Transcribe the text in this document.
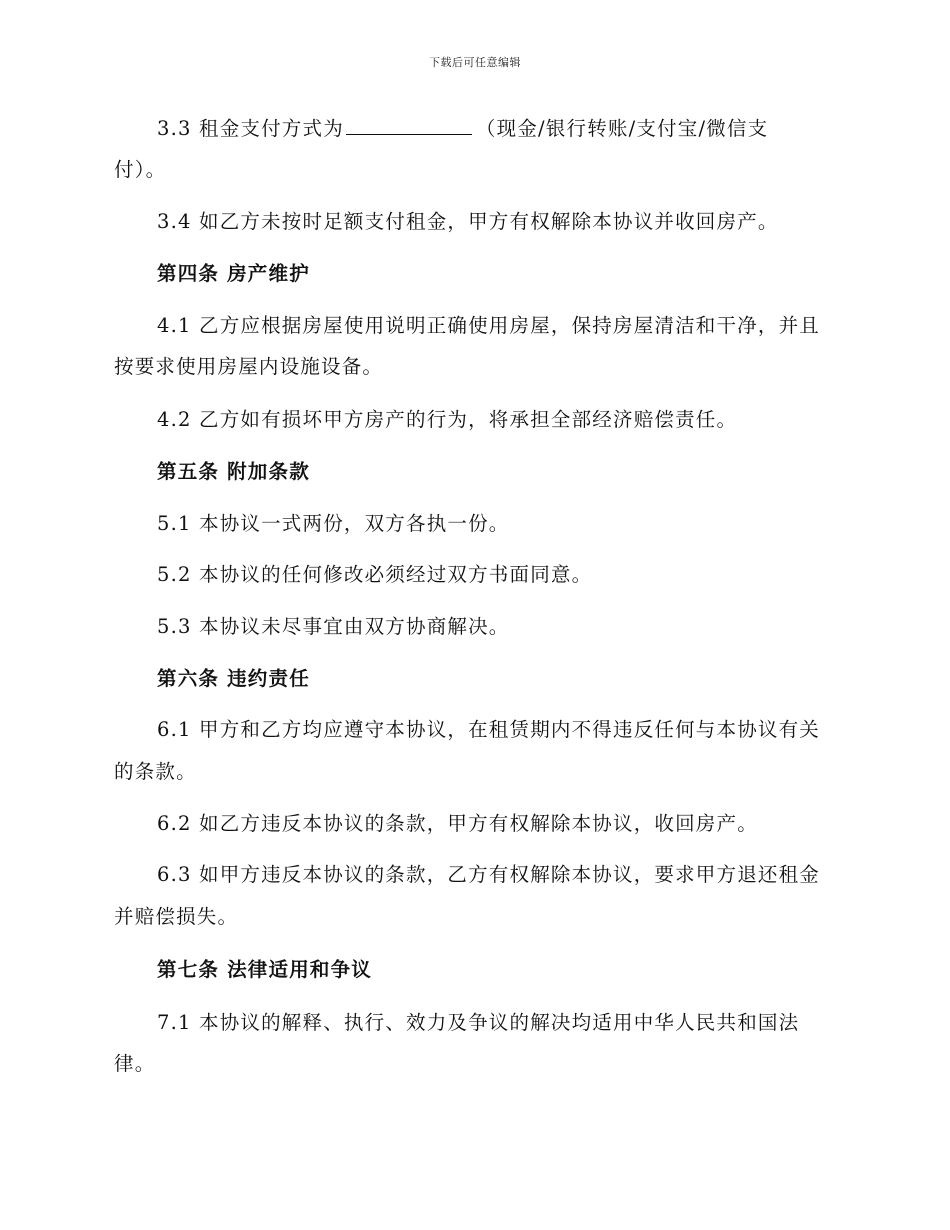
下载后可任意编辑
3.3 租金支付方式为	（现金/银行转账/支付宝/微信支
付）。
3.4 如乙方未按时足额支付租金，甲方有权解除本协议并收回房产。
第四条 房产维护
4.1 乙方应根据房屋使用说明正确使用房屋，保持房屋清洁和干净，并且
按要求使用房屋内设施设备。
4.2 乙方如有损坏甲方房产的行为，将承担全部经济赔偿责任。
第五条 附加条款
5.1 本协议一式两份，双方各执一份。
5.2 本协议的任何修改必须经过双方书面同意。
5.3 本协议未尽事宜由双方协商解决。
第六条 违约责任
6.1 甲方和乙方均应遵守本协议，在租赁期内不得违反任何与本协议有关
的条款。
6.2 如乙方违反本协议的条款，甲方有权解除本协议，收回房产。
6.3 如甲方违反本协议的条款，乙方有权解除本协议，要求甲方退还租金
并赔偿损失。
第七条 法律适用和争议
7.1 本协议的解释、执行、效力及争议的解决均适用中华人民共和国法
律。
